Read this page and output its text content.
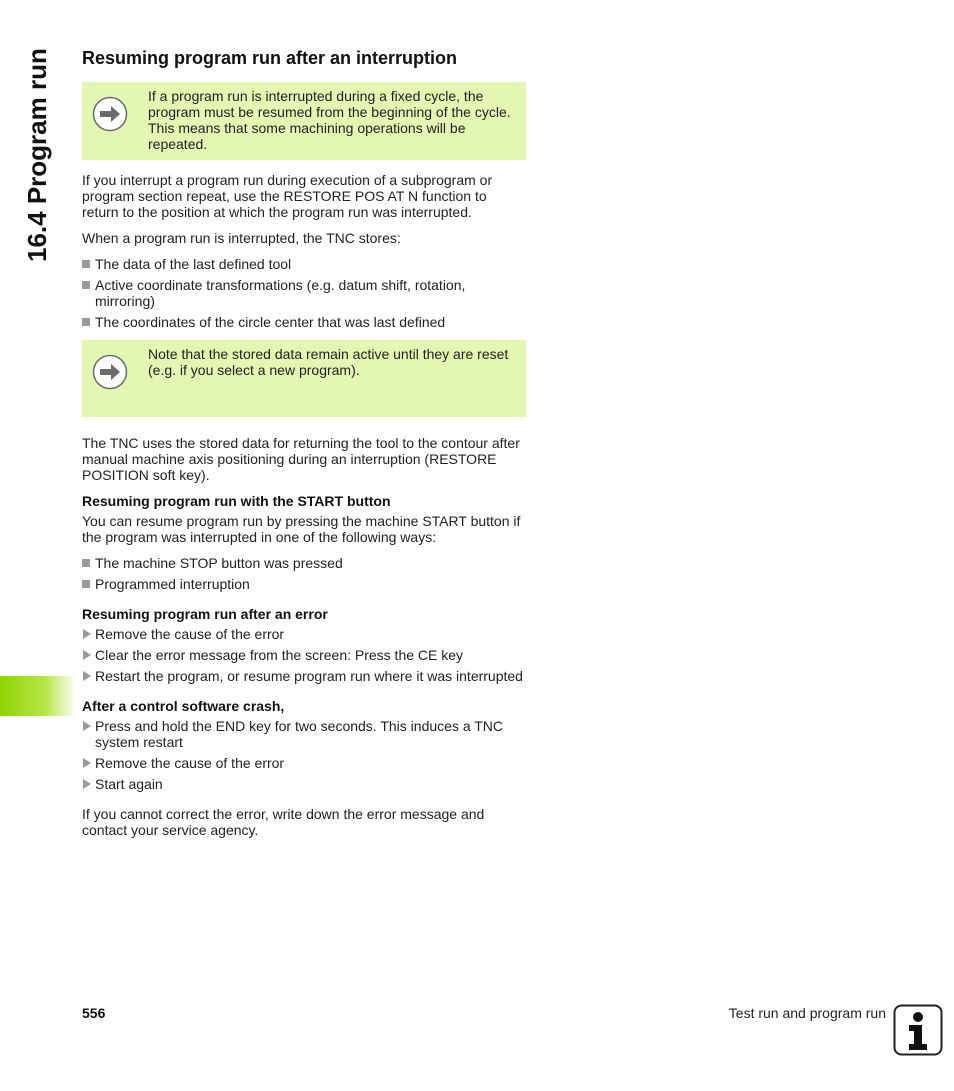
16.4 Program run Resuming program run after an interruption
If a program run is interrupted during a fixed cycle, the program must be resumed from the beginning of the cycle. This means that some machining operations will be repeated.

If you interrupt a program run during execution of a subprogram or program section repeat, use the RESTORE POS AT N function to return to the position at which the program run was interrupted.

When a program run is interrupted, the TNC stores:

The data of the last defined tool
Active coordinate transformations (e.g. datum shift, rotation, mirroring)
The coordinates of the circle center that was last defined
Note that the stored data remain active until they are reset (e.g. if you select a new program).

The TNC uses the stored data for returning the tool to the contour after manual machine axis positioning during an interruption (RESTORE POSITION soft key).

Resuming program run with the START button

You can resume program run by pressing the machine START button if the program was interrupted in one of the following ways:

The machine STOP button was pressed
Programmed interruption
Resuming program run after an error
Remove the cause of the error
Clear the error message from the screen: Press the CE key
Restart the program, or resume program run where it was interrupted
After a control software crash,
Press and hold the END key for two seconds. This induces a TNC system restart
Remove the cause of the error
Start again

If you cannot correct the error, write down the error message and contact your service agency.

556	Test run and program run
